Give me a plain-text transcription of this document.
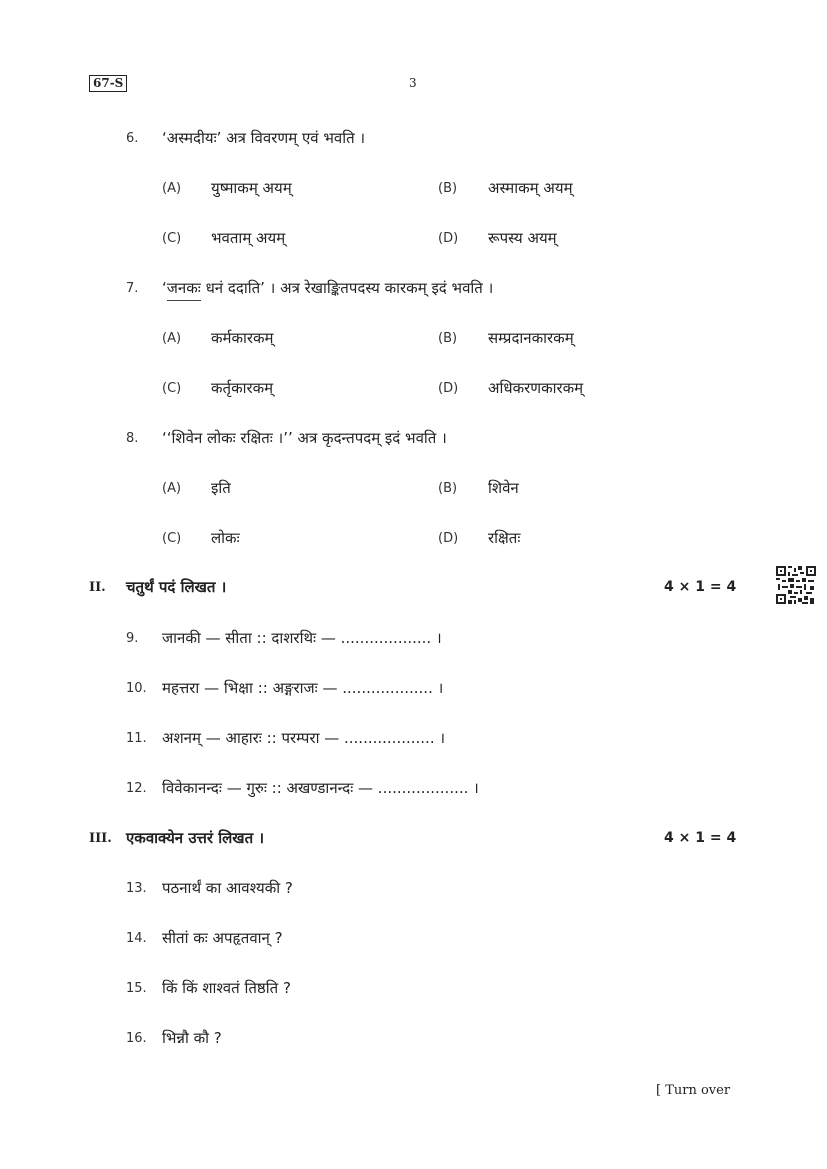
67-S	3
6. ‘अस्मदीयः’ अत्र विवरणम् एवं भवति ।
(A) युष्माकम् अयम्	(B) अस्माकम् अयम्
(C) भवताम् अयम्	(D) रूपस्य अयम्
7. ‘जनकः धनं ददाति’ । अत्र रेखाङ्कितपदस्य कारकम् इदं भवति ।
(A) कर्मकारकम्	(B) सम्प्रदानकारकम्
(C) कर्तृकारकम्	(D) अधिकरणकारकम्
8. ‘‘शिवेन लोकः रक्षितः ।’’ अत्र कृदन्तपदम् इदं भवति ।
(A) इति	(B) शिवेन
(C) लोकः	(D) रक्षितः
II. चतुर्थं पदं लिखत ।	4 × 1 = 4
9. जानकी — सीता :: दाशरथिः — ................... ।
10. महत्तरा — भिक्षा :: अङ्गराजः — ................... ।
11. अशनम् — आहारः :: परम्परा — ................... ।
12. विवेकानन्दः — गुरुः :: अखण्डानन्दः — ................... ।
III. एकवाक्येन उत्तरं लिखत ।	4 × 1 = 4
13. पठनार्थं का आवश्यकी ?
14. सीतां कः अपहृतवान् ?
15. किं किं शाश्वतं तिष्ठति ?
16. भिन्नौ कौ ?
[ Turn over
